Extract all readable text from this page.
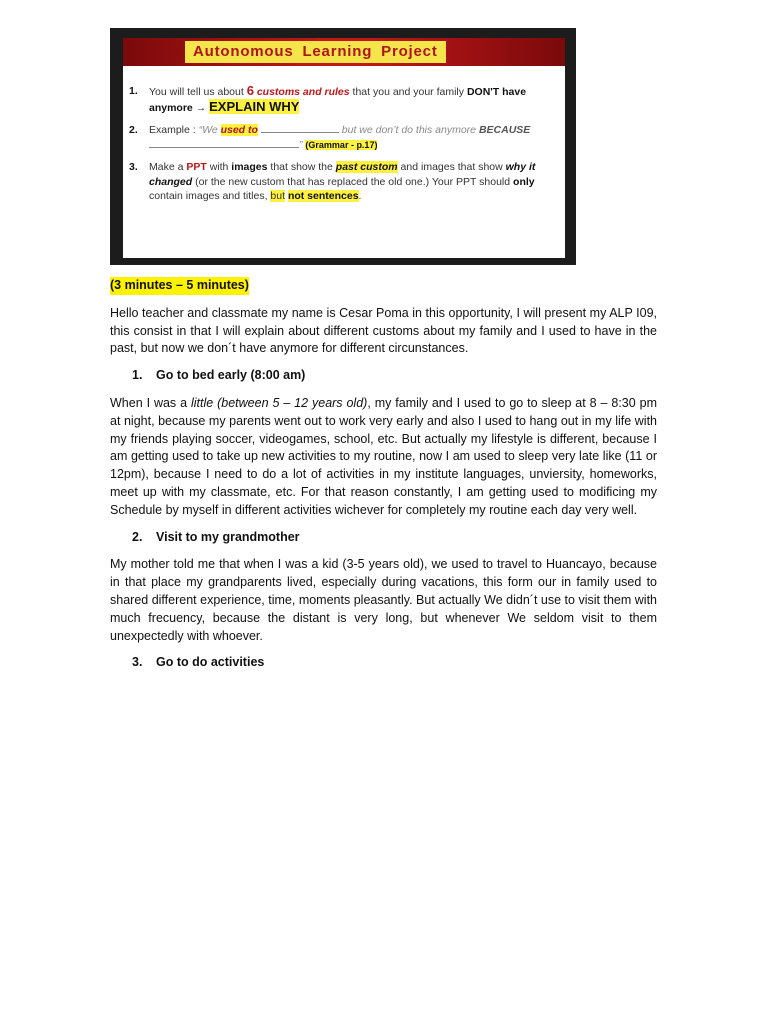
Autonomous Learning Project
1. You will tell us about 6 customs and rules that you and your family DON'T have anymore → EXPLAIN WHY
2. Example : “We used to	but we don’t do this anymore BECAUSE ” (Grammar - p.17)
3. Make a PPT with images that show the past custom and images that show why it changed (or the new custom that has replaced the old one.) Your PPT should only contain images and titles, but not sentences.
(3 minutes – 5 minutes)

Hello teacher and classmate my name is Cesar Poma in this opportunity, I will present my ALP I09, this consist in that I will explain about different customs about my family and I used to have in the past, but now we don´t have anymore for different circunstances.

1. Go to bed early (8:00 am)

When I was a little (between 5 – 12 years old), my family and I used to go to sleep at 8 – 8:30 pm at night, because my parents went out to work very early and also I used to hang out in my life with my friends playing soccer, videogames, school, etc. But actually my lifestyle is different, because I am getting used to take up new activities to my routine, now I am used to sleep very late like (11 or 12pm), because I need to do a lot of activities in my institute languages, unviersity, homeworks, meet up with my classmate, etc. For that reason constantly, I am getting used to modificing my Schedule by myself in different activities wichever for completely my routine each day very well.

2. Visit to my grandmother

My mother told me that when I was a kid (3-5 years old), we used to travel to Huancayo, because in that place my grandparents lived, especially during vacations, this form our in family used to shared different experience, time, moments pleasantly. But actually We didn´t use to visit them with much frecuency, because the distant is very long, but whenever We seldom visit to them unexpectedly with whoever.

3. Go to do activities
